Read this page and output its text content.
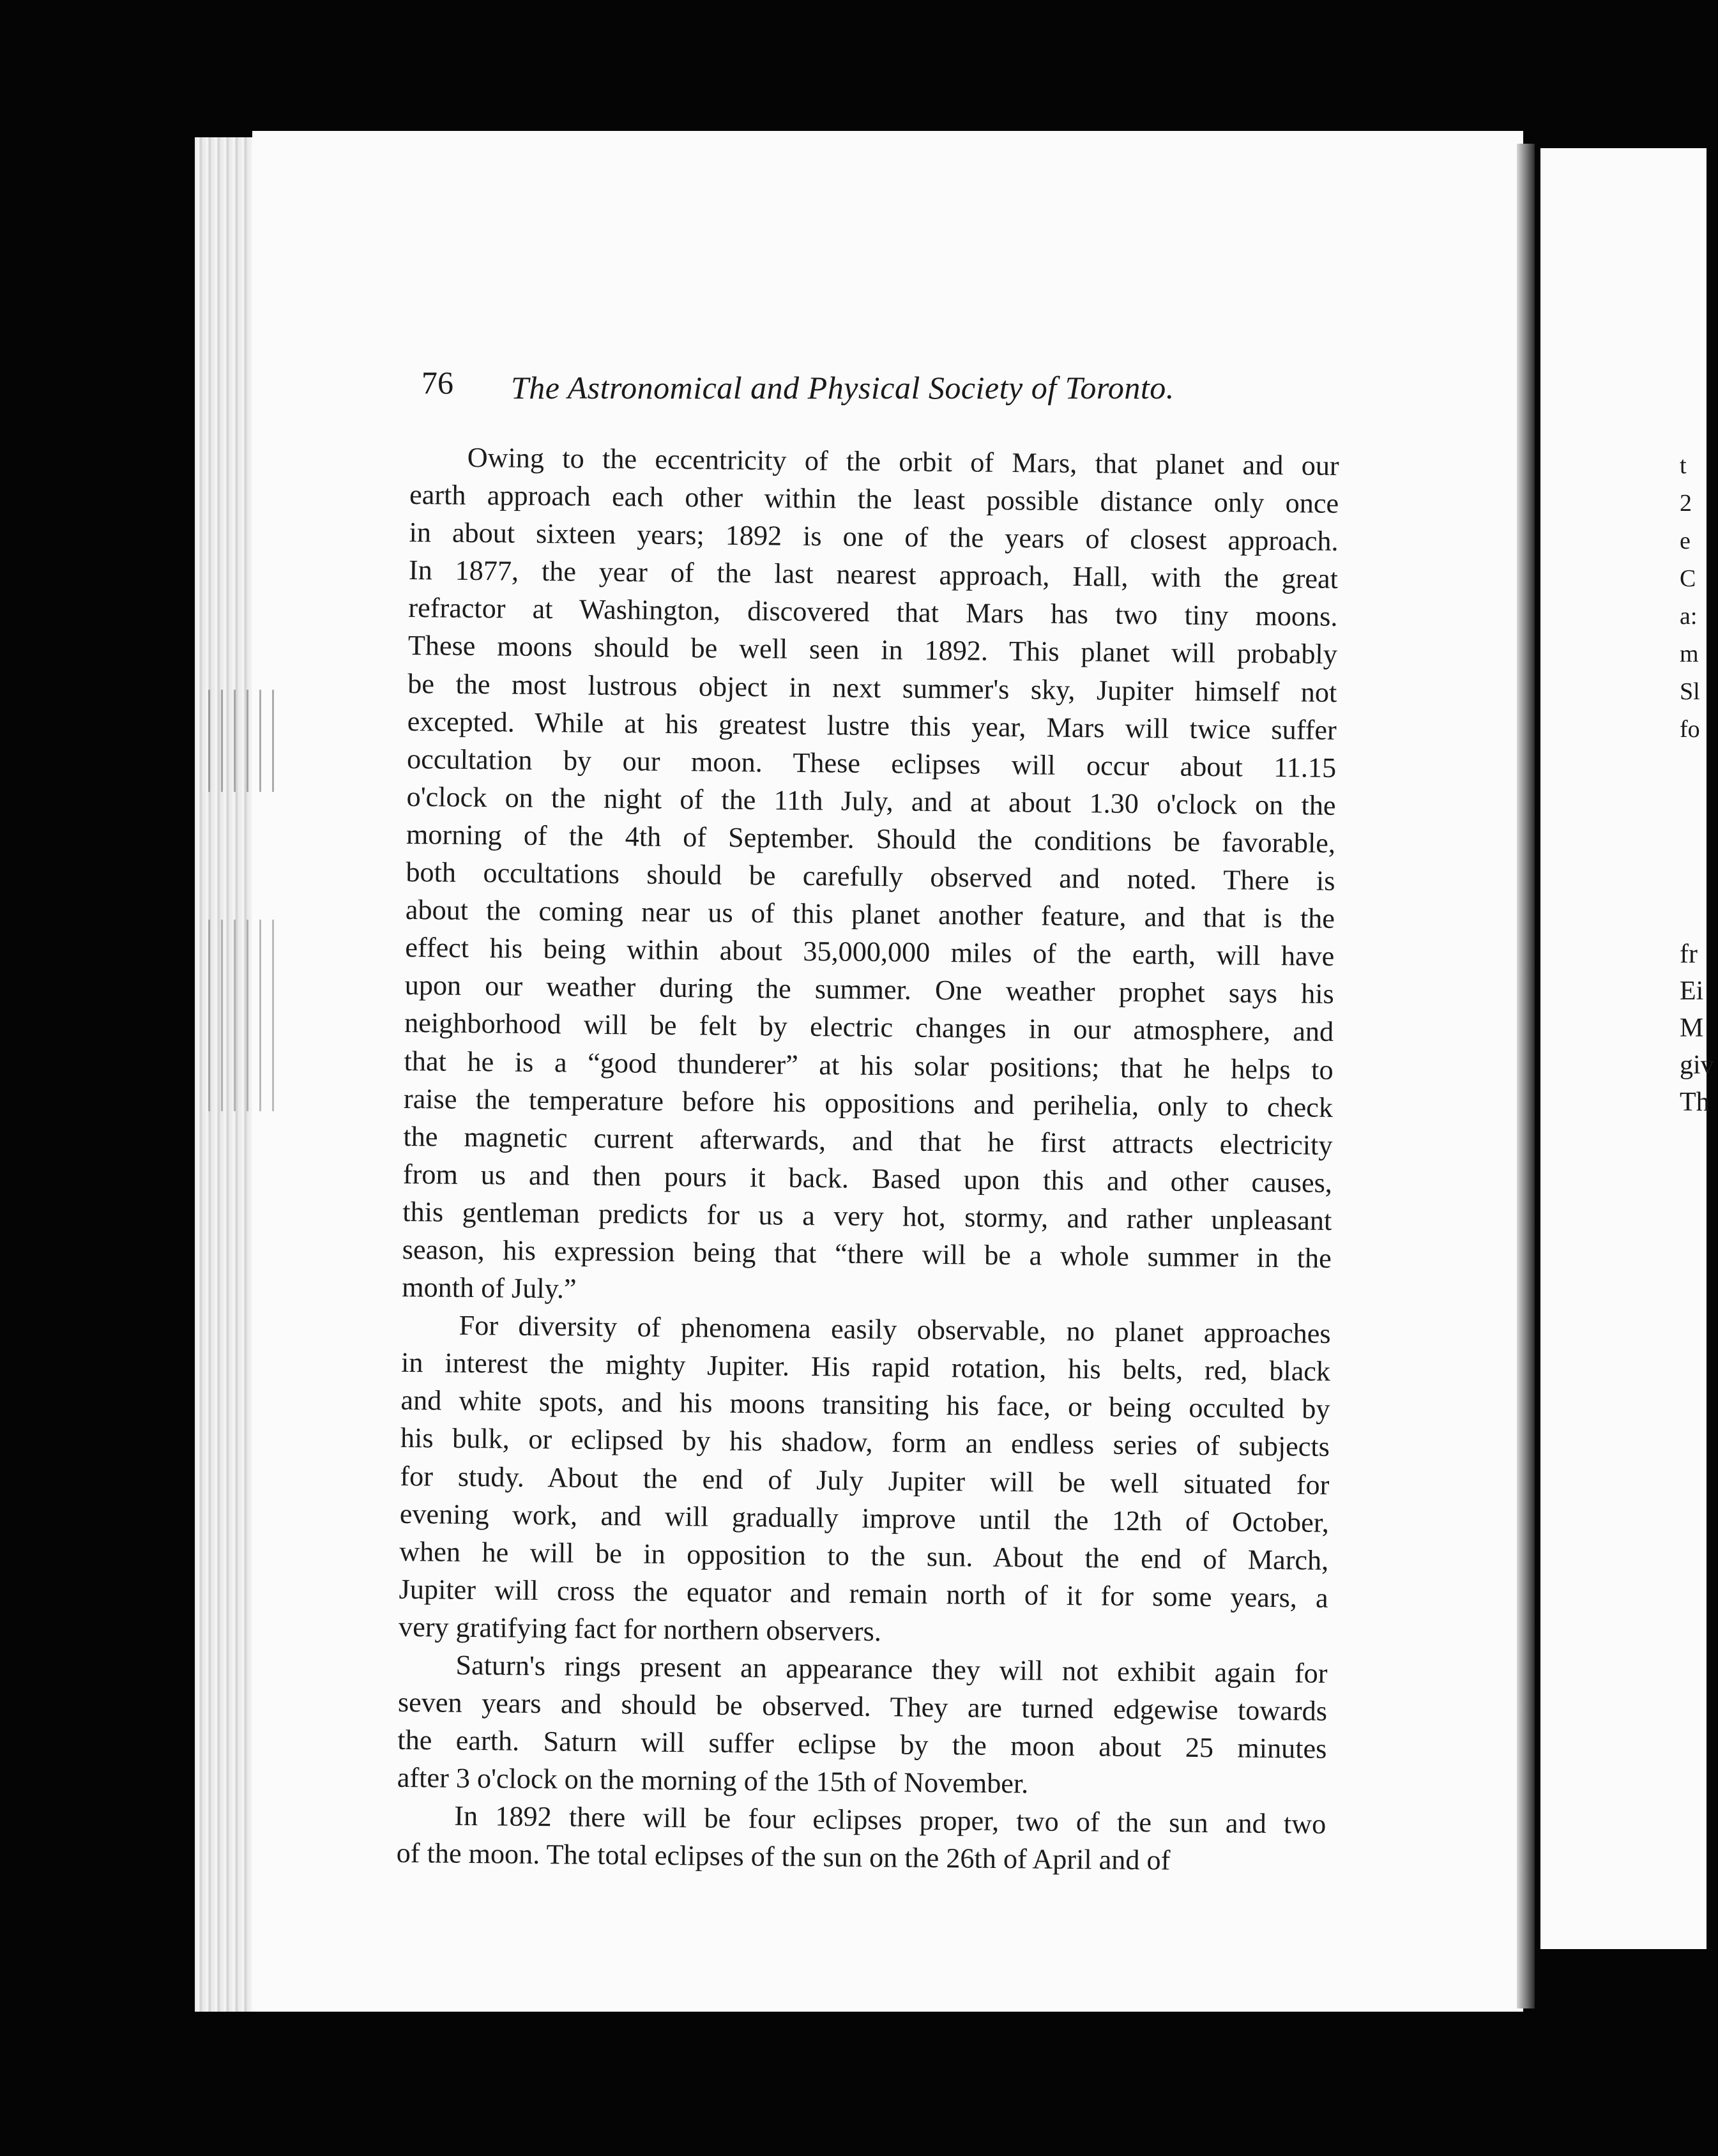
t
2
e
C
a:
m
Sl
fo
fr
Ei
M
giv
Th
76 The Astronomical and Physical Society of Toronto.
Owing to the eccentricity of the orbit of Mars, that planet and our
earth approach each other within the least possible distance only once
in about sixteen years; 1892 is one of the years of closest approach.
In 1877, the year of the last nearest approach, Hall, with the great
refractor at Washington, discovered that Mars has two tiny moons.
These moons should be well seen in 1892. This planet will probably
be the most lustrous object in next summer's sky, Jupiter himself not
excepted. While at his greatest lustre this year, Mars will twice suffer
occultation by our moon. These eclipses will occur about 11.15
o'clock on the night of the 11th July, and at about 1.30 o'clock on the
morning of the 4th of September. Should the conditions be favorable,
both occultations should be carefully observed and noted. There is
about the coming near us of this planet another feature, and that is the
effect his being within about 35,000,000 miles of the earth, will have
upon our weather during the summer. One weather prophet says his
neighborhood will be felt by electric changes in our atmosphere, and
that he is a “good thunderer” at his solar positions; that he helps to
raise the temperature before his oppositions and perihelia, only to check
the magnetic current afterwards, and that he first attracts electricity
from us and then pours it back. Based upon this and other causes,
this gentleman predicts for us a very hot, stormy, and rather unpleasant
season, his expression being that “there will be a whole summer in the
month of July.”
For diversity of phenomena easily observable, no planet approaches
in interest the mighty Jupiter. His rapid rotation, his belts, red, black
and white spots, and his moons transiting his face, or being occulted by
his bulk, or eclipsed by his shadow, form an endless series of subjects
for study. About the end of July Jupiter will be well situated for
evening work, and will gradually improve until the 12th of October,
when he will be in opposition to the sun. About the end of March,
Jupiter will cross the equator and remain north of it for some years, a
very gratifying fact for northern observers.
Saturn's rings present an appearance they will not exhibit again for
seven years and should be observed. They are turned edgewise towards
the earth. Saturn will suffer eclipse by the moon about 25 minutes
after 3 o'clock on the morning of the 15th of November.
In 1892 there will be four eclipses proper, two of the sun and two
of the moon. The total eclipses of the sun on the 26th of April and of
